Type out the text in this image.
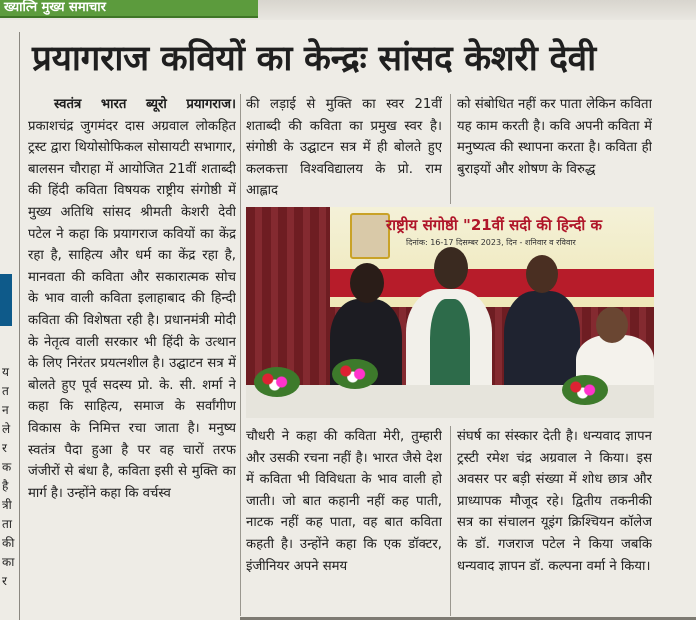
ख्यात्नि मुख्य समाचार
य
त
न
ले
र
क
है
त्री
ता
की
का
र
प्रयागराज कवियों का केन्द्रः सांसद केशरी देवी
स्वतंत्र भारत ब्यूरो प्रयागराज। प्रकाशचंद्र जुगमंदर दास अग्रवाल लोकहित ट्रस्ट द्वारा थियोसोफिकल सोसायटी सभागार, बालसन चौराहा में आयोजित 21वीं शताब्दी की हिंदी कविता विषयक राष्ट्रीय संगोष्ठी में मुख्य अतिथि सांसद श्रीमती केशरी देवी पटेल ने कहा कि प्रयागराज कवियों का केंद्र रहा है, साहित्य और धर्म का केंद्र रहा है, मानवता की कविता और सकारात्मक सोच के भाव वाली कविता इलाहाबाद की हिन्दी कविता की विशेषता रही है। प्रधानमंत्री मोदी के नेतृत्व वाली सरकार भी हिंदी के उत्थान के लिए निरंतर प्रयत्नशील है। उद्घाटन सत्र में बोलते हुए पूर्व सदस्य प्रो. के. सी. शर्मा ने कहा कि साहित्य, समाज के सर्वांगीण विकास के निमित्त रचा जाता है। मनुष्य स्वतंत्र पैदा हुआ है पर वह चारों तरफ जंजीरों से बंधा है, कविता इसी से मुक्ति का मार्ग है। उन्होंने कहा कि वर्चस्व
की लड़ाई से मुक्ति का स्वर 21वीं शताब्दी की कविता का प्रमुख स्वर है। संगोष्ठी के उद्घाटन सत्र में ही बोलते हुए कलकत्ता विश्वविद्यालय के प्रो. राम आह्लाद
को संबोधित नहीं कर पाता लेकिन कविता यह काम करती है। कवि अपनी कविता में मनुष्यत्व की स्थापना करता है। कविता ही बुराइयों और शोषण के विरुद्ध
राष्ट्रीय संगोष्ठी "21वीं सदी की हिन्दी क
दिनांक: 16-17 दिसम्बर 2023, दिन - शनिवार व रविवार
चौधरी ने कहा की कविता मेरी, तुम्हारी और उसकी रचना नहीं है। भारत जैसे देश में कविता भी विविधता के भाव वाली हो जाती। जो बात कहानी नहीं कह पाती, नाटक नहीं कह पाता, वह बात कविता कहती है। उन्होंने कहा कि एक डॉक्टर, इंजीनियर अपने समय
संघर्ष का संस्कार देती है। धन्यवाद ज्ञापन ट्रस्टी रमेश चंद्र अग्रवाल ने किया। इस अवसर पर बड़ी संख्या में शोध छात्र और प्राध्यापक मौजूद रहे। द्वितीय तकनीकी सत्र का संचालन यूइंग क्रिश्चियन कॉलेज के डॉ. गजराज पटेल ने किया जबकि धन्यवाद ज्ञापन डॉ. कल्पना वर्मा ने किया।
